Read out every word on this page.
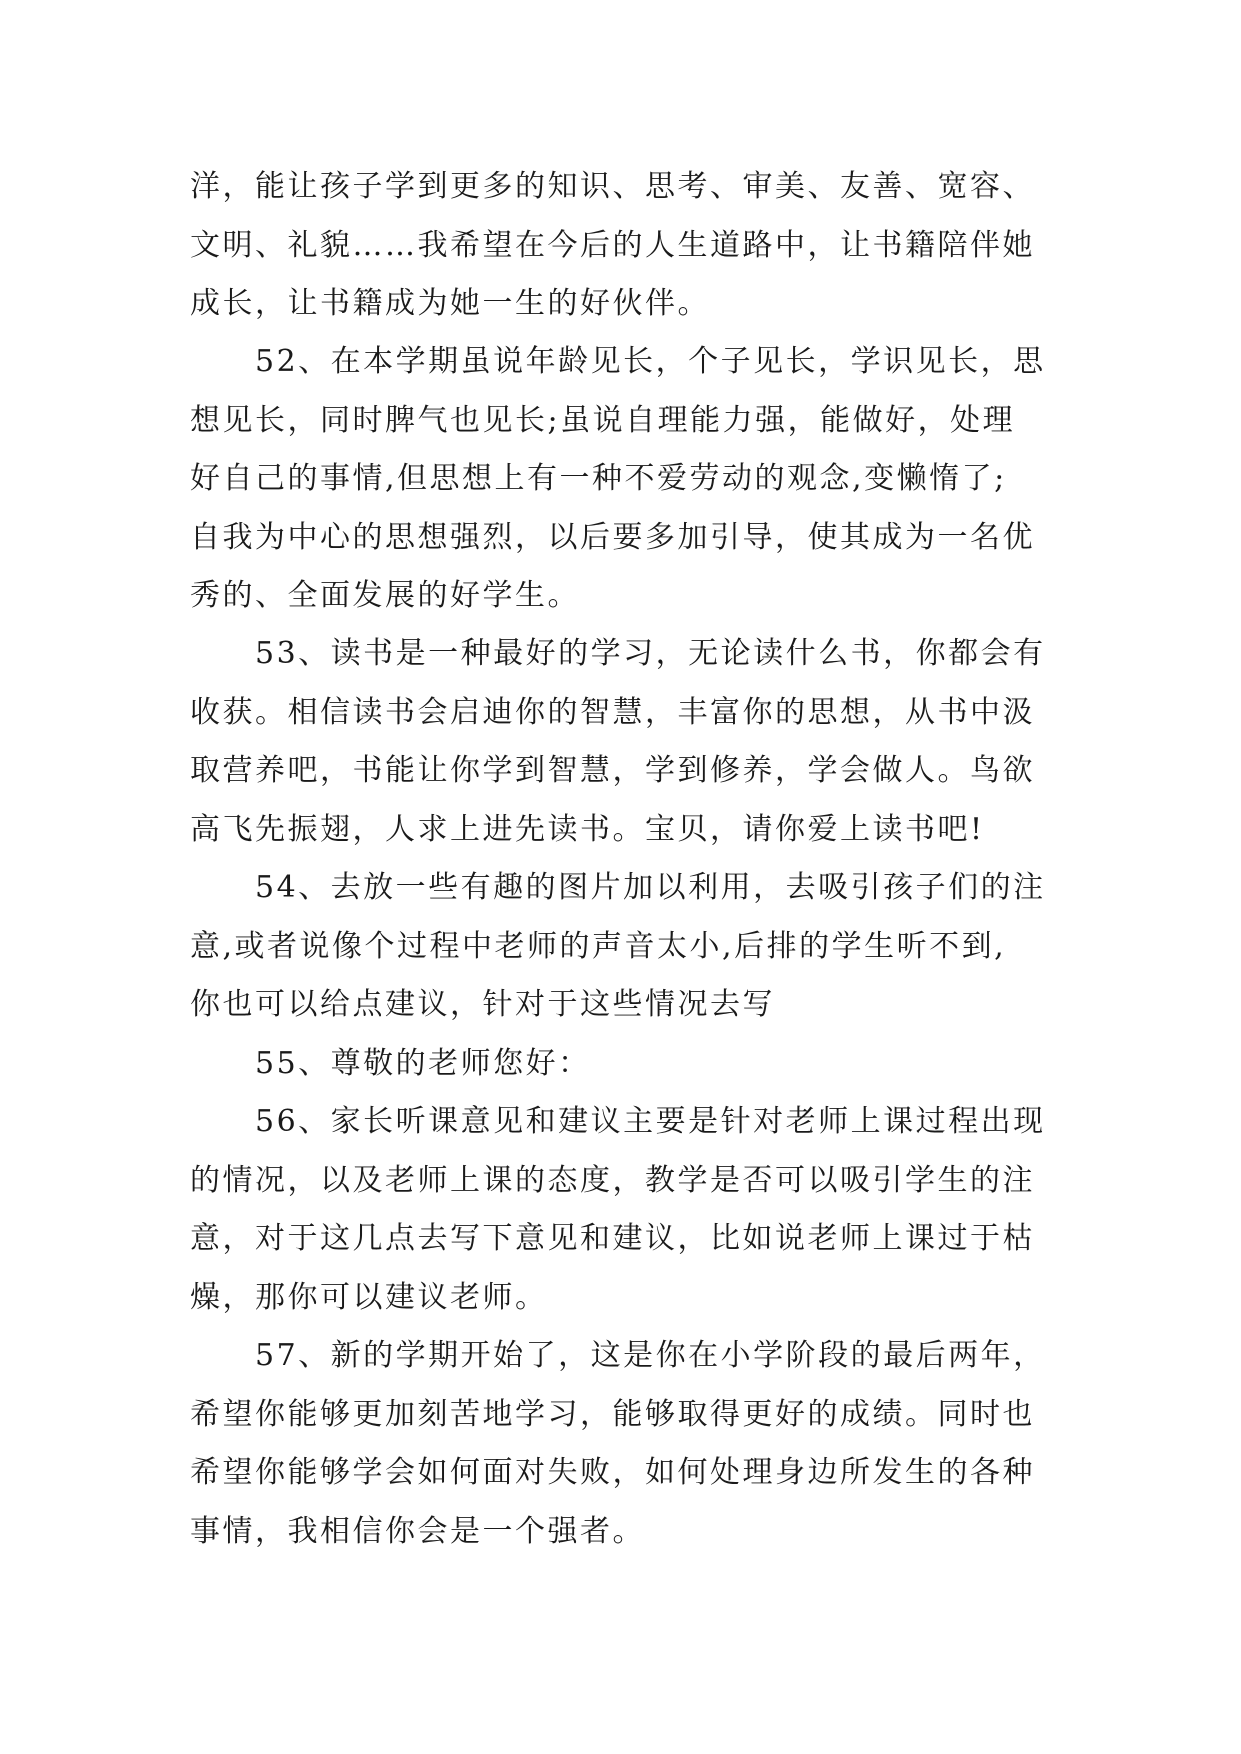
洋，能让孩子学到更多的知识、思考、审美、友善、宽容、
文明、礼貌……我希望在今后的人生道路中，让书籍陪伴她
成长，让书籍成为她一生的好伙伴。

　　52、在本学期虽说年龄见长，个子见长，学识见长，思
想见长，同时脾气也见长;虽说自理能力强，能做好，处理
好自己的事情,但思想上有一种不爱劳动的观念,变懒惰了;
自我为中心的思想强烈，以后要多加引导，使其成为一名优
秀的、全面发展的好学生。

　　53、读书是一种最好的学习，无论读什么书，你都会有
收获。相信读书会启迪你的智慧，丰富你的思想，从书中汲
取营养吧，书能让你学到智慧，学到修养，学会做人。鸟欲
高飞先振翅，人求上进先读书。宝贝，请你爱上读书吧!

　　54、去放一些有趣的图片加以利用，去吸引孩子们的注
意,或者说像个过程中老师的声音太小,后排的学生听不到,
你也可以给点建议，针对于这些情况去写

　　55、尊敬的老师您好：

　　56、家长听课意见和建议主要是针对老师上课过程出现
的情况，以及老师上课的态度，教学是否可以吸引学生的注
意，对于这几点去写下意见和建议，比如说老师上课过于枯
燥，那你可以建议老师。

　　57、新的学期开始了，这是你在小学阶段的最后两年，
希望你能够更加刻苦地学习，能够取得更好的成绩。同时也
希望你能够学会如何面对失败，如何处理身边所发生的各种
事情，我相信你会是一个强者。
